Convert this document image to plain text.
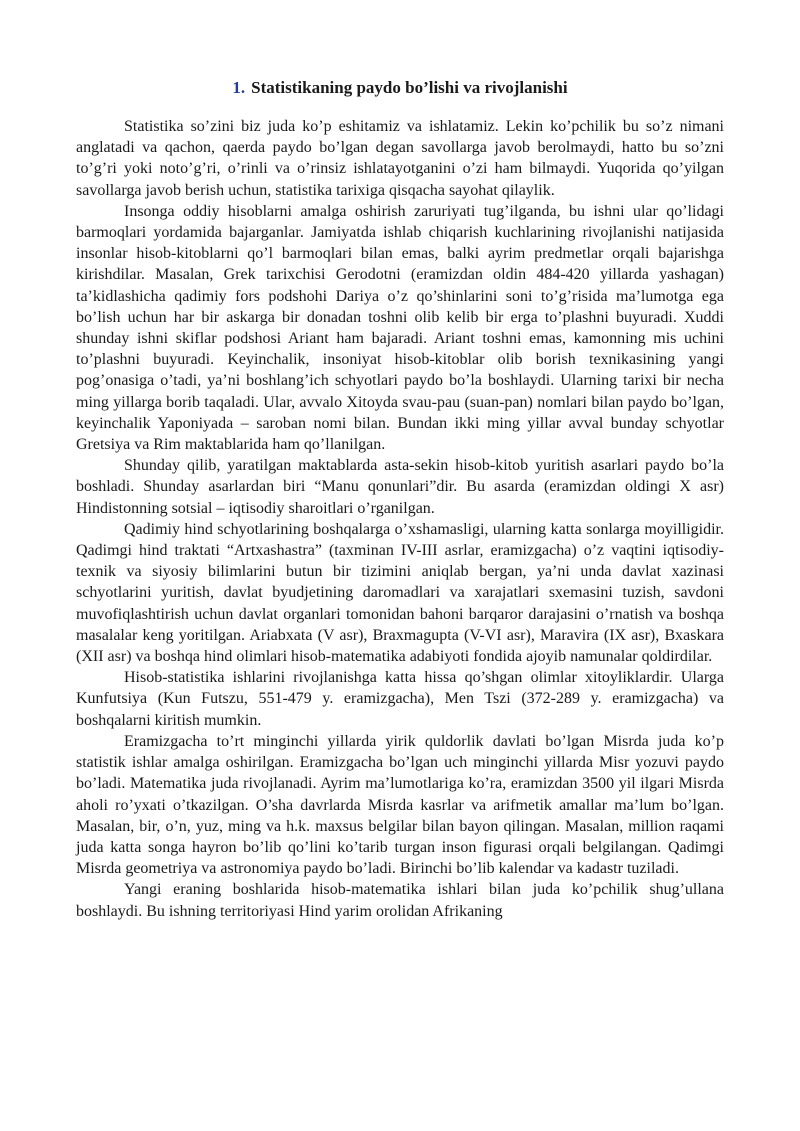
1. Statistikaning paydo bo’lishi va rivojlanishi

Statistika so’zini biz juda ko’p eshitamiz va ishlatamiz. Lekin ko’pchilik bu so’z nimani anglatadi va qachon, qaerda paydo bo’lgan degan savollarga javob berolmaydi, hatto bu so’zni to’g’ri yoki noto’g’ri, o’rinli va o’rinsiz ishlatayotganini o’zi ham bilmaydi. Yuqorida qo’yilgan savollarga javob berish uchun, statistika tarixiga qisqacha sayohat qilaylik.

Insonga oddiy hisoblarni amalga oshirish zaruriyati tug’ilganda, bu ishni ular qo’lidagi barmoqlari yordamida bajarganlar. Jamiyatda ishlab chiqarish kuchlarining rivojlanishi natijasida insonlar hisob-kitoblarni qo’l barmoqlari bilan emas, balki ayrim predmetlar orqali bajarishga kirishdilar. Masalan, Grek tarixchisi Gerodotni (eramizdan oldin 484-420 yillarda yashagan) ta’kidlashicha qadimiy fors podshohi Dariya o’z qo’shinlarini soni to’g’risida ma’lumotga ega bo’lish uchun har bir askarga bir donadan toshni olib kelib bir erga to’plashni buyuradi. Xuddi shunday ishni skiflar podshosi Ariant ham bajaradi. Ariant toshni emas, kamonning mis uchini to’plashni buyuradi. Keyinchalik, insoniyat hisob-kitoblar olib borish texnikasining yangi pog’onasiga o’tadi, ya’ni boshlang’ich schyotlari paydo bo’la boshlaydi. Ularning tarixi bir necha ming yillarga borib taqaladi. Ular, avvalo Xitoyda svau-pau (suan-pan) nomlari bilan paydo bo’lgan, keyinchalik Yaponiyada – saroban nomi bilan. Bundan ikki ming yillar avval bunday schyotlar Gretsiya va Rim maktablarida ham qo’llanilgan.

Shunday qilib, yaratilgan maktablarda asta-sekin hisob-kitob yuritish asarlari paydo bo’la boshladi. Shunday asarlardan biri “Manu qonunlari”dir. Bu asarda (eramizdan oldingi X asr) Hindistonning sotsial – iqtisodiy sharoitlari o’rganilgan.

Qadimiy hind schyotlarining boshqalarga o’xshamasligi, ularning katta sonlarga moyilligidir. Qadimgi hind traktati “Artxashastra” (taxminan IV-III asrlar, eramizgacha) o’z vaqtini iqtisodiy-texnik va siyosiy bilimlarini butun bir tizimini aniqlab bergan, ya’ni unda davlat xazinasi schyotlarini yuritish, davlat byudjetining daromadlari va xarajatlari sxemasini tuzish, savdoni muvofiqlashtirish uchun davlat organlari tomonidan bahoni barqaror darajasini o’rnatish va boshqa masalalar keng yoritilgan. Ariabxata (V asr), Braxmagupta (V-VI asr), Maravira (IX asr), Bxaskara (XII asr) va boshqa hind olimlari hisob-matematika adabiyoti fondida ajoyib namunalar qoldirdilar.

Hisob-statistika ishlarini rivojlanishga katta hissa qo’shgan olimlar xitoyliklardir. Ularga Kunfutsiya (Kun Futszu, 551-479 y. eramizgacha), Men Tszi (372-289 y. eramizgacha) va boshqalarni kiritish mumkin.

Eramizgacha to’rt minginchi yillarda yirik quldorlik davlati bo’lgan Misrda juda ko’p statistik ishlar amalga oshirilgan. Eramizgacha bo’lgan uch minginchi yillarda Misr yozuvi paydo bo’ladi. Matematika juda rivojlanadi. Ayrim ma’lumotlariga ko’ra, eramizdan 3500 yil ilgari Misrda aholi ro’yxati o’tkazilgan. O’sha davrlarda Misrda kasrlar va arifmetik amallar ma’lum bo’lgan. Masalan, bir, o’n, yuz, ming va h.k. maxsus belgilar bilan bayon qilingan. Masalan, million raqami juda katta songa hayron bo’lib qo’lini ko’tarib turgan inson figurasi orqali belgilangan. Qadimgi Misrda geometriya va astronomiya paydo bo’ladi. Birinchi bo’lib kalendar va kadastr tuziladi.

Yangi eraning boshlarida hisob-matematika ishlari bilan juda ko’pchilik shug’ullana boshlaydi. Bu ishning territoriyasi Hind yarim orolidan Afrikaning
